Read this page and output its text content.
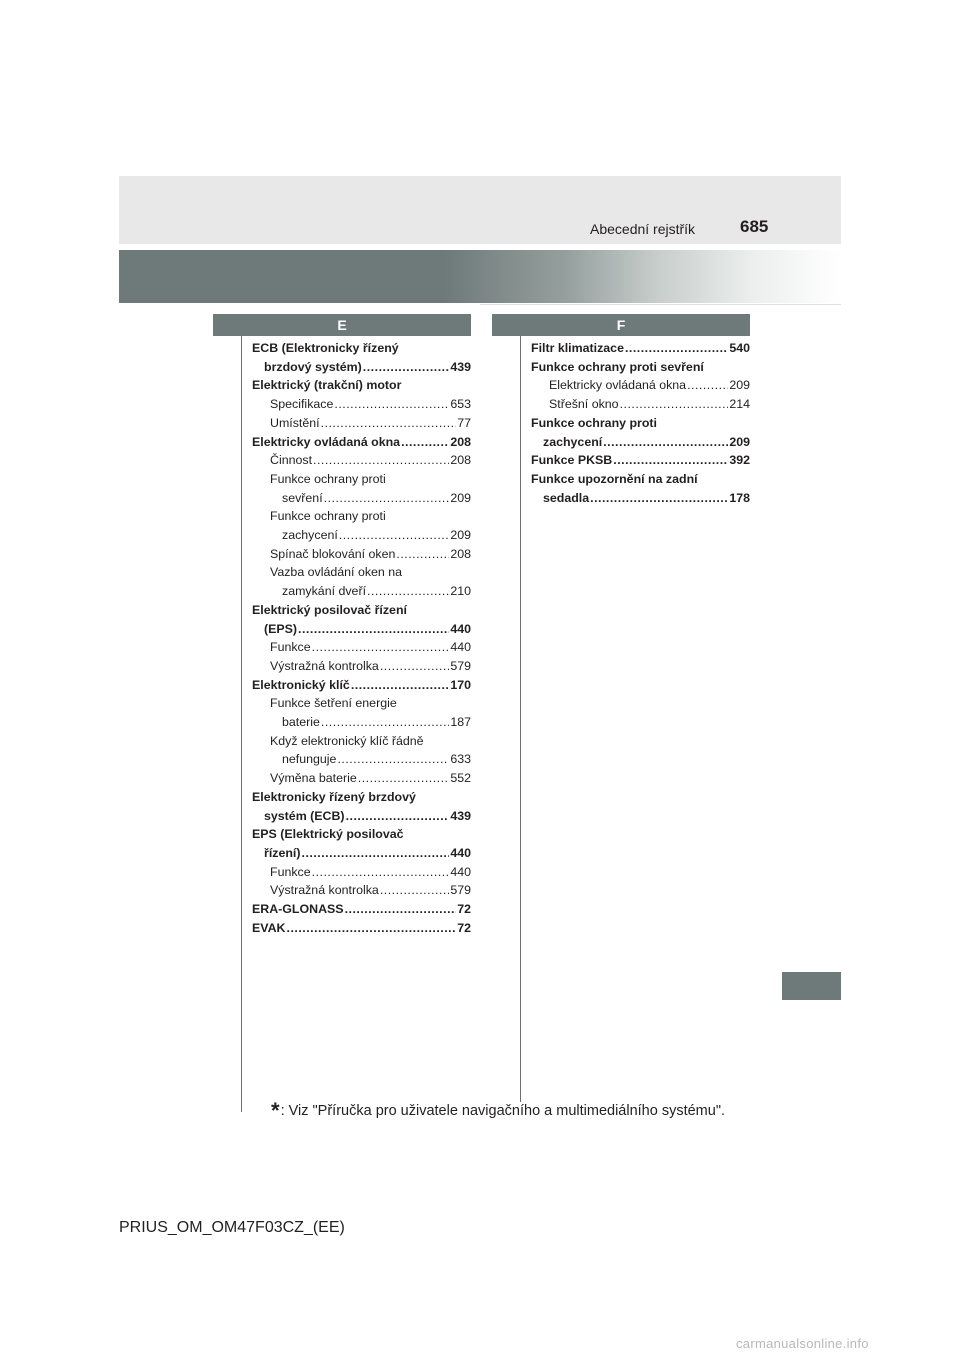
Abecední rejstřík	685
E	F
ECB (Elektronicky řízený
brzdový systém) .....	439
Elektrický (trakční) motor
Specifikace .....	653
Umístění .....	77
Elektricky ovládaná okna .....	208
Činnost .....	208
Funkce ochrany proti
sevření .....	209
Funkce ochrany proti
zachycení .....	209
Spínač blokování oken .....	208
Vazba ovládání oken na
zamykání dveří .....	210
Elektrický posilovač řízení
(EPS) .....	440
Funkce .....	440
Výstražná kontrolka .....	579
Elektronický klíč .....	170
Funkce šetření energie
baterie .....	187
Když elektronický klíč řádně
nefunguje .....	633
Výměna baterie .....	552
Elektronicky řízený brzdový
systém (ECB) .....	439
EPS (Elektrický posilovač
řízení) .....	440
Funkce .....	440
Výstražná kontrolka .....	579
ERA-GLONASS .....	72
EVAK .....	72
Filtr klimatizace .....	540
Funkce ochrany proti sevření
Elektricky ovládaná okna .....	209
Střešní okno .....	214
Funkce ochrany proti
zachycení .....	209
Funkce PKSB .....	392
Funkce upozornění na zadní
sedadla .....	178
*: Viz "Příručka pro uživatele navigačního a multimediálního systému".
PRIUS_OM_OM47F03CZ_(EE)
carmanualsonline.info
